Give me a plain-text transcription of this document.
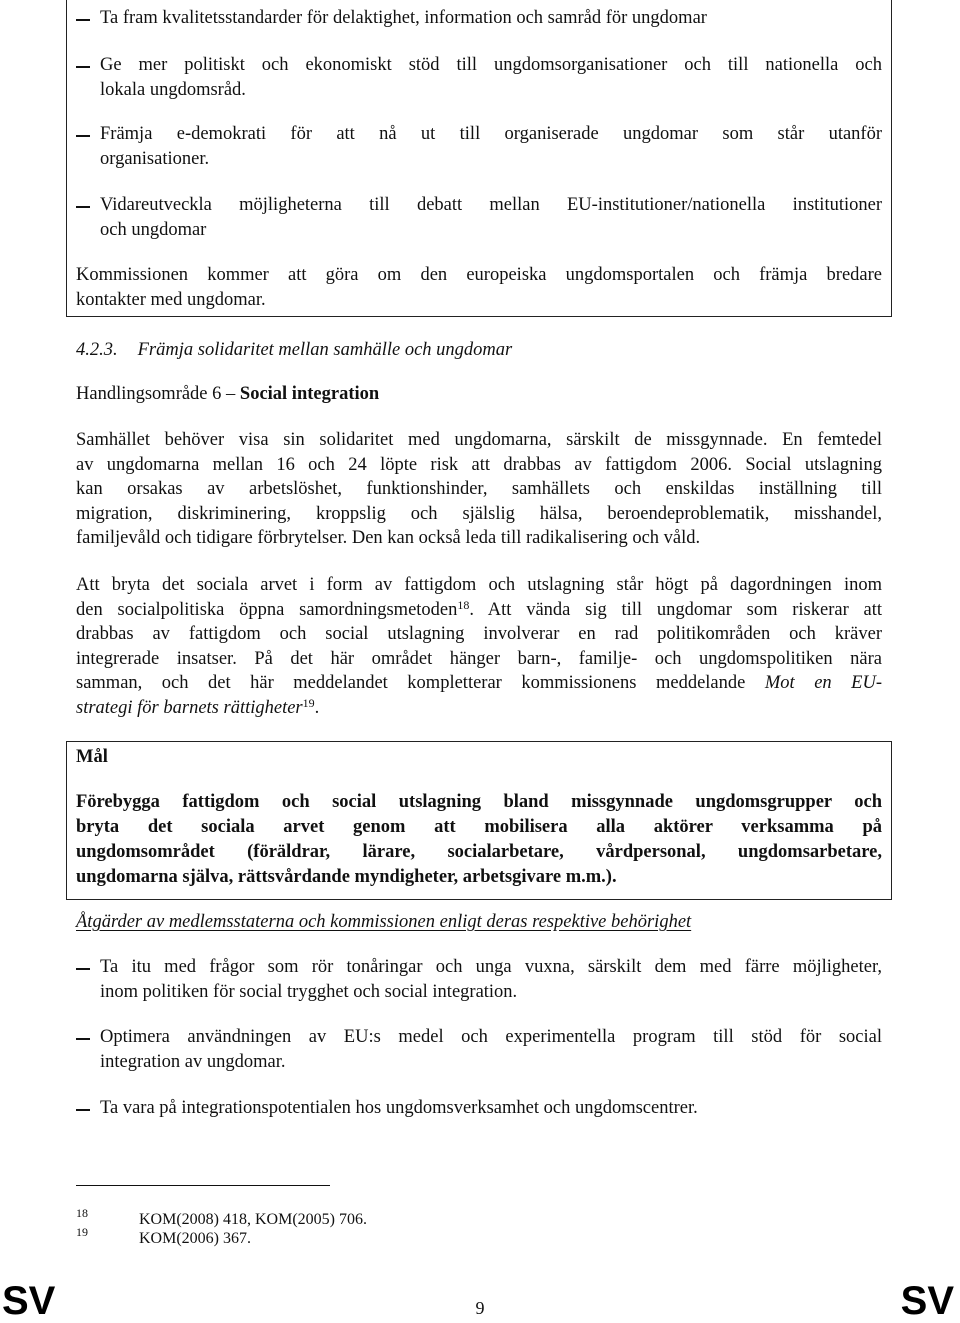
Ta fram kvalitetsstandarder för delaktighet, information och samråd för ungdomar
Ge mer politiskt och ekonomiskt stöd till ungdomsorganisationer och till nationella och
lokala ungdomsråd.
Främja e-demokrati för att nå ut till organiserade ungdomar som står utanför
organisationer.
Vidareutveckla möjligheterna till debatt mellan EU-institutioner/nationella institutioner
och ungdomar
Kommissionen kommer att göra om den europeiska ungdomsportalen och främja bredare
kontakter med ungdomar.
4.2.3. Främja solidaritet mellan samhälle och ungdomar
Handlingsområde 6 – Social integration
Samhället behöver visa sin solidaritet med ungdomarna, särskilt de missgynnade. En femtedel
av ungdomarna mellan 16 och 24 löpte risk att drabbas av fattigdom 2006. Social utslagning
kan orsakas av arbetslöshet, funktionshinder, samhällets och enskildas inställning till
migration, diskriminering, kroppslig och själslig hälsa, beroendeproblematik, misshandel,
familjevåld och tidigare förbrytelser. Den kan också leda till radikalisering och våld.
Att bryta det sociala arvet i form av fattigdom och utslagning står högt på dagordningen inom
den socialpolitiska öppna samordningsmetoden$^{18}$. Att vända sig till ungdomar som riskerar att
drabbas av fattigdom och social utslagning involverar en rad politikområden och kräver
integrerade insatser. På det här området hänger barn-, familje- och ungdomspolitiken nära
samman, och det här meddelandet kompletterar kommissionens meddelande Mot en EU-
strategi för barnets rättigheter$^{19}$.
Mål
Förebygga fattigdom och social utslagning bland missgynnade ungdomsgrupper och
bryta det sociala arvet genom att mobilisera alla aktörer verksamma på
ungdomsområdet (föräldrar, lärare, socialarbetare, vårdpersonal, ungdomsarbetare,
ungdomarna själva, rättsvårdande myndigheter, arbetsgivare m.m.).
Åtgärder av medlemsstaterna och kommissionen enligt deras respektive behörighet
Ta itu med frågor som rör tonåringar och unga vuxna, särskilt dem med färre möjligheter,
inom politiken för social trygghet och social integration.
Optimera användningen av EU:s medel och experimentella program till stöd för social
integration av ungdomar.
Ta vara på integrationspotentialen hos ungdomsverksamhet och ungdomscentrer.
18	KOM(2008) 418, KOM(2005) 706.
19	KOM(2006) 367.
SV	9	SV
